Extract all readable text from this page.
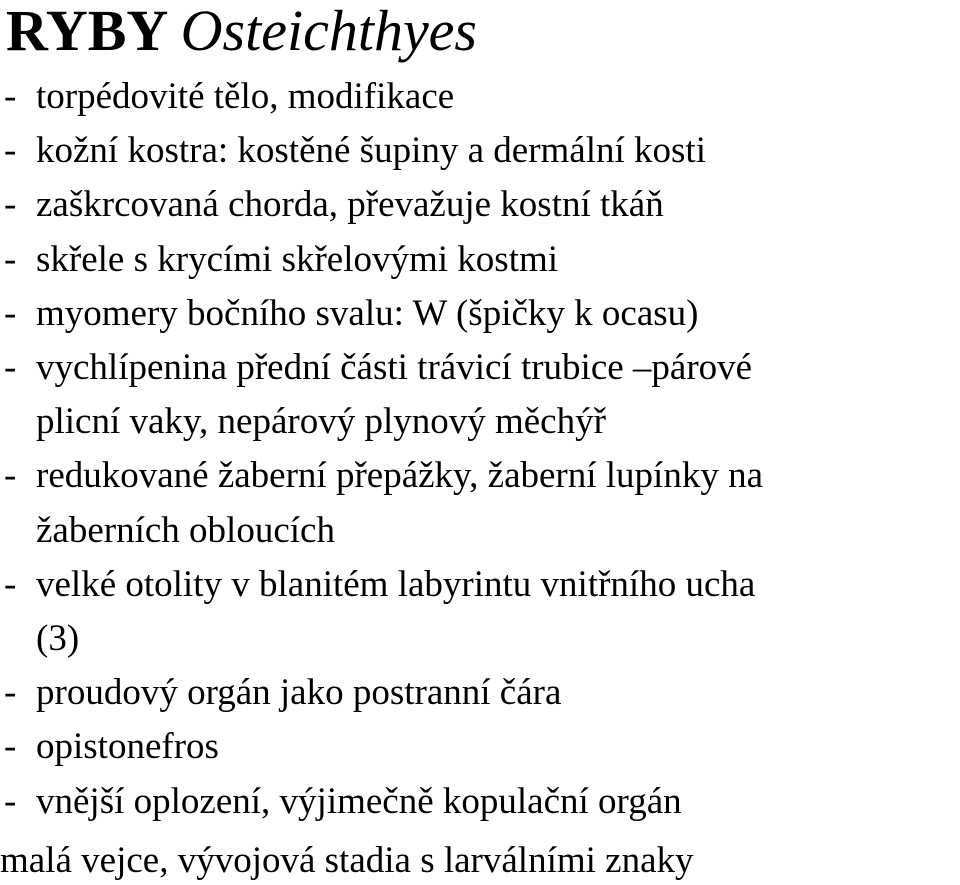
RYBY Osteichthyes
- torpédovité tělo, modifikace
- kožní kostra: kostěné šupiny a dermální kosti
- zaškrcovaná chorda, převažuje kostní tkáň
- skřele s krycími skřelovými kostmi
- myomery bočního svalu: W (špičky k ocasu)
- vychlípenina přední části trávicí trubice –párové
plicní vaky, nepárový plynový měchýř
- redukované žaberní přepážky, žaberní lupínky na
žaberních obloucích
- velké otolity v blanitém labyrintu vnitřního ucha
(3)
- proudový orgán jako postranní čára
- opistonefros
- vnější oplození, výjimečně kopulační orgán

malá vejce, vývojová stadia s larválními znaky
